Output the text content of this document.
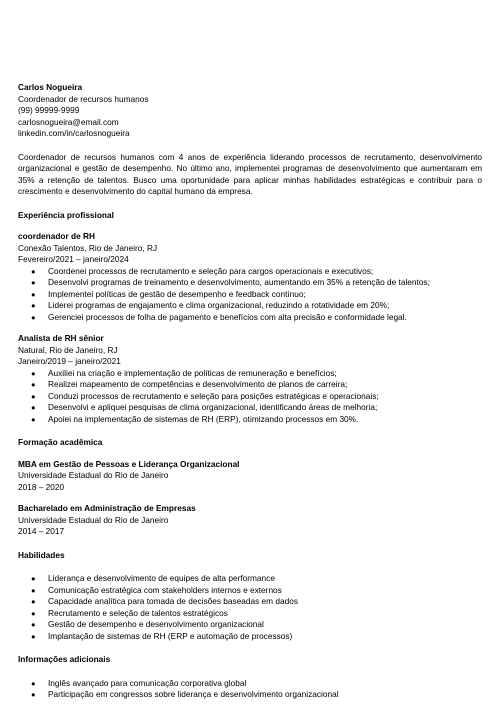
Carlos Nogueira
Coordenador de recursos humanos
(99) 99999-9999
carlosnogueira@email.com
linkedin.com/in/carlosnogueira
Coordenador de recursos humanos com 4 anos de experiência liderando processos de recrutamento, desenvolvimento organizacional e gestão de desempenho. No último ano, implementei programas de desenvolvimento que aumentaram em 35% a retenção de talentos. Busco uma oportunidade para aplicar minhas habilidades estratégicas e contribuir para o crescimento e desenvolvimento do capital humano da empresa.
Experiência profissional
coordenador de RH
Conexão Talentos, Rio de Janeiro, RJ
Fevereiro/2021 – janeiro/2024
● Coordenei processos de recrutamento e seleção para cargos operacionais e executivos;
● Desenvolvi programas de treinamento e desenvolvimento, aumentando em 35% a retenção de talentos;
● Implementei políticas de gestão de desempenho e feedback contínuo;
● Liderei programas de engajamento e clima organizacional, reduzindo a rotatividade em 20%;
● Gerenciei processos de folha de pagamento e benefícios com alta precisão e conformidade legal.
Analista de RH sênior
Natural, Rio de Janeiro, RJ
Janeiro/2019 – janeiro/2021
● Auxiliei na criação e implementação de políticas de remuneração e benefícios;
● Realizei mapeamento de competências e desenvolvimento de planos de carreira;
● Conduzi processos de recrutamento e seleção para posições estratégicas e operacionais;
● Desenvolvi e apliquei pesquisas de clima organizacional, identificando áreas de melhoria;
● Apoiei na implementação de sistemas de RH (ERP), otimizando processos em 30%.
Formação acadêmica
MBA em Gestão de Pessoas e Liderança Organizacional
Universidade Estadual do Rio de Janeiro
2018 – 2020
Bacharelado em Administração de Empresas
Universidade Estadual do Rio de Janeiro
2014 – 2017
Habilidades
● Liderança e desenvolvimento de equipes de alta performance
● Comunicação estratégica com stakeholders internos e externos
● Capacidade analítica para tomada de decisões baseadas em dados
● Recrutamento e seleção de talentos estratégicos
● Gestão de desempenho e desenvolvimento organizacional
● Implantação de sistemas de RH (ERP e automação de processos)
Informações adicionais
● Inglês avançado para comunicação corporativa global
● Participação em congressos sobre liderança e desenvolvimento organizacional
